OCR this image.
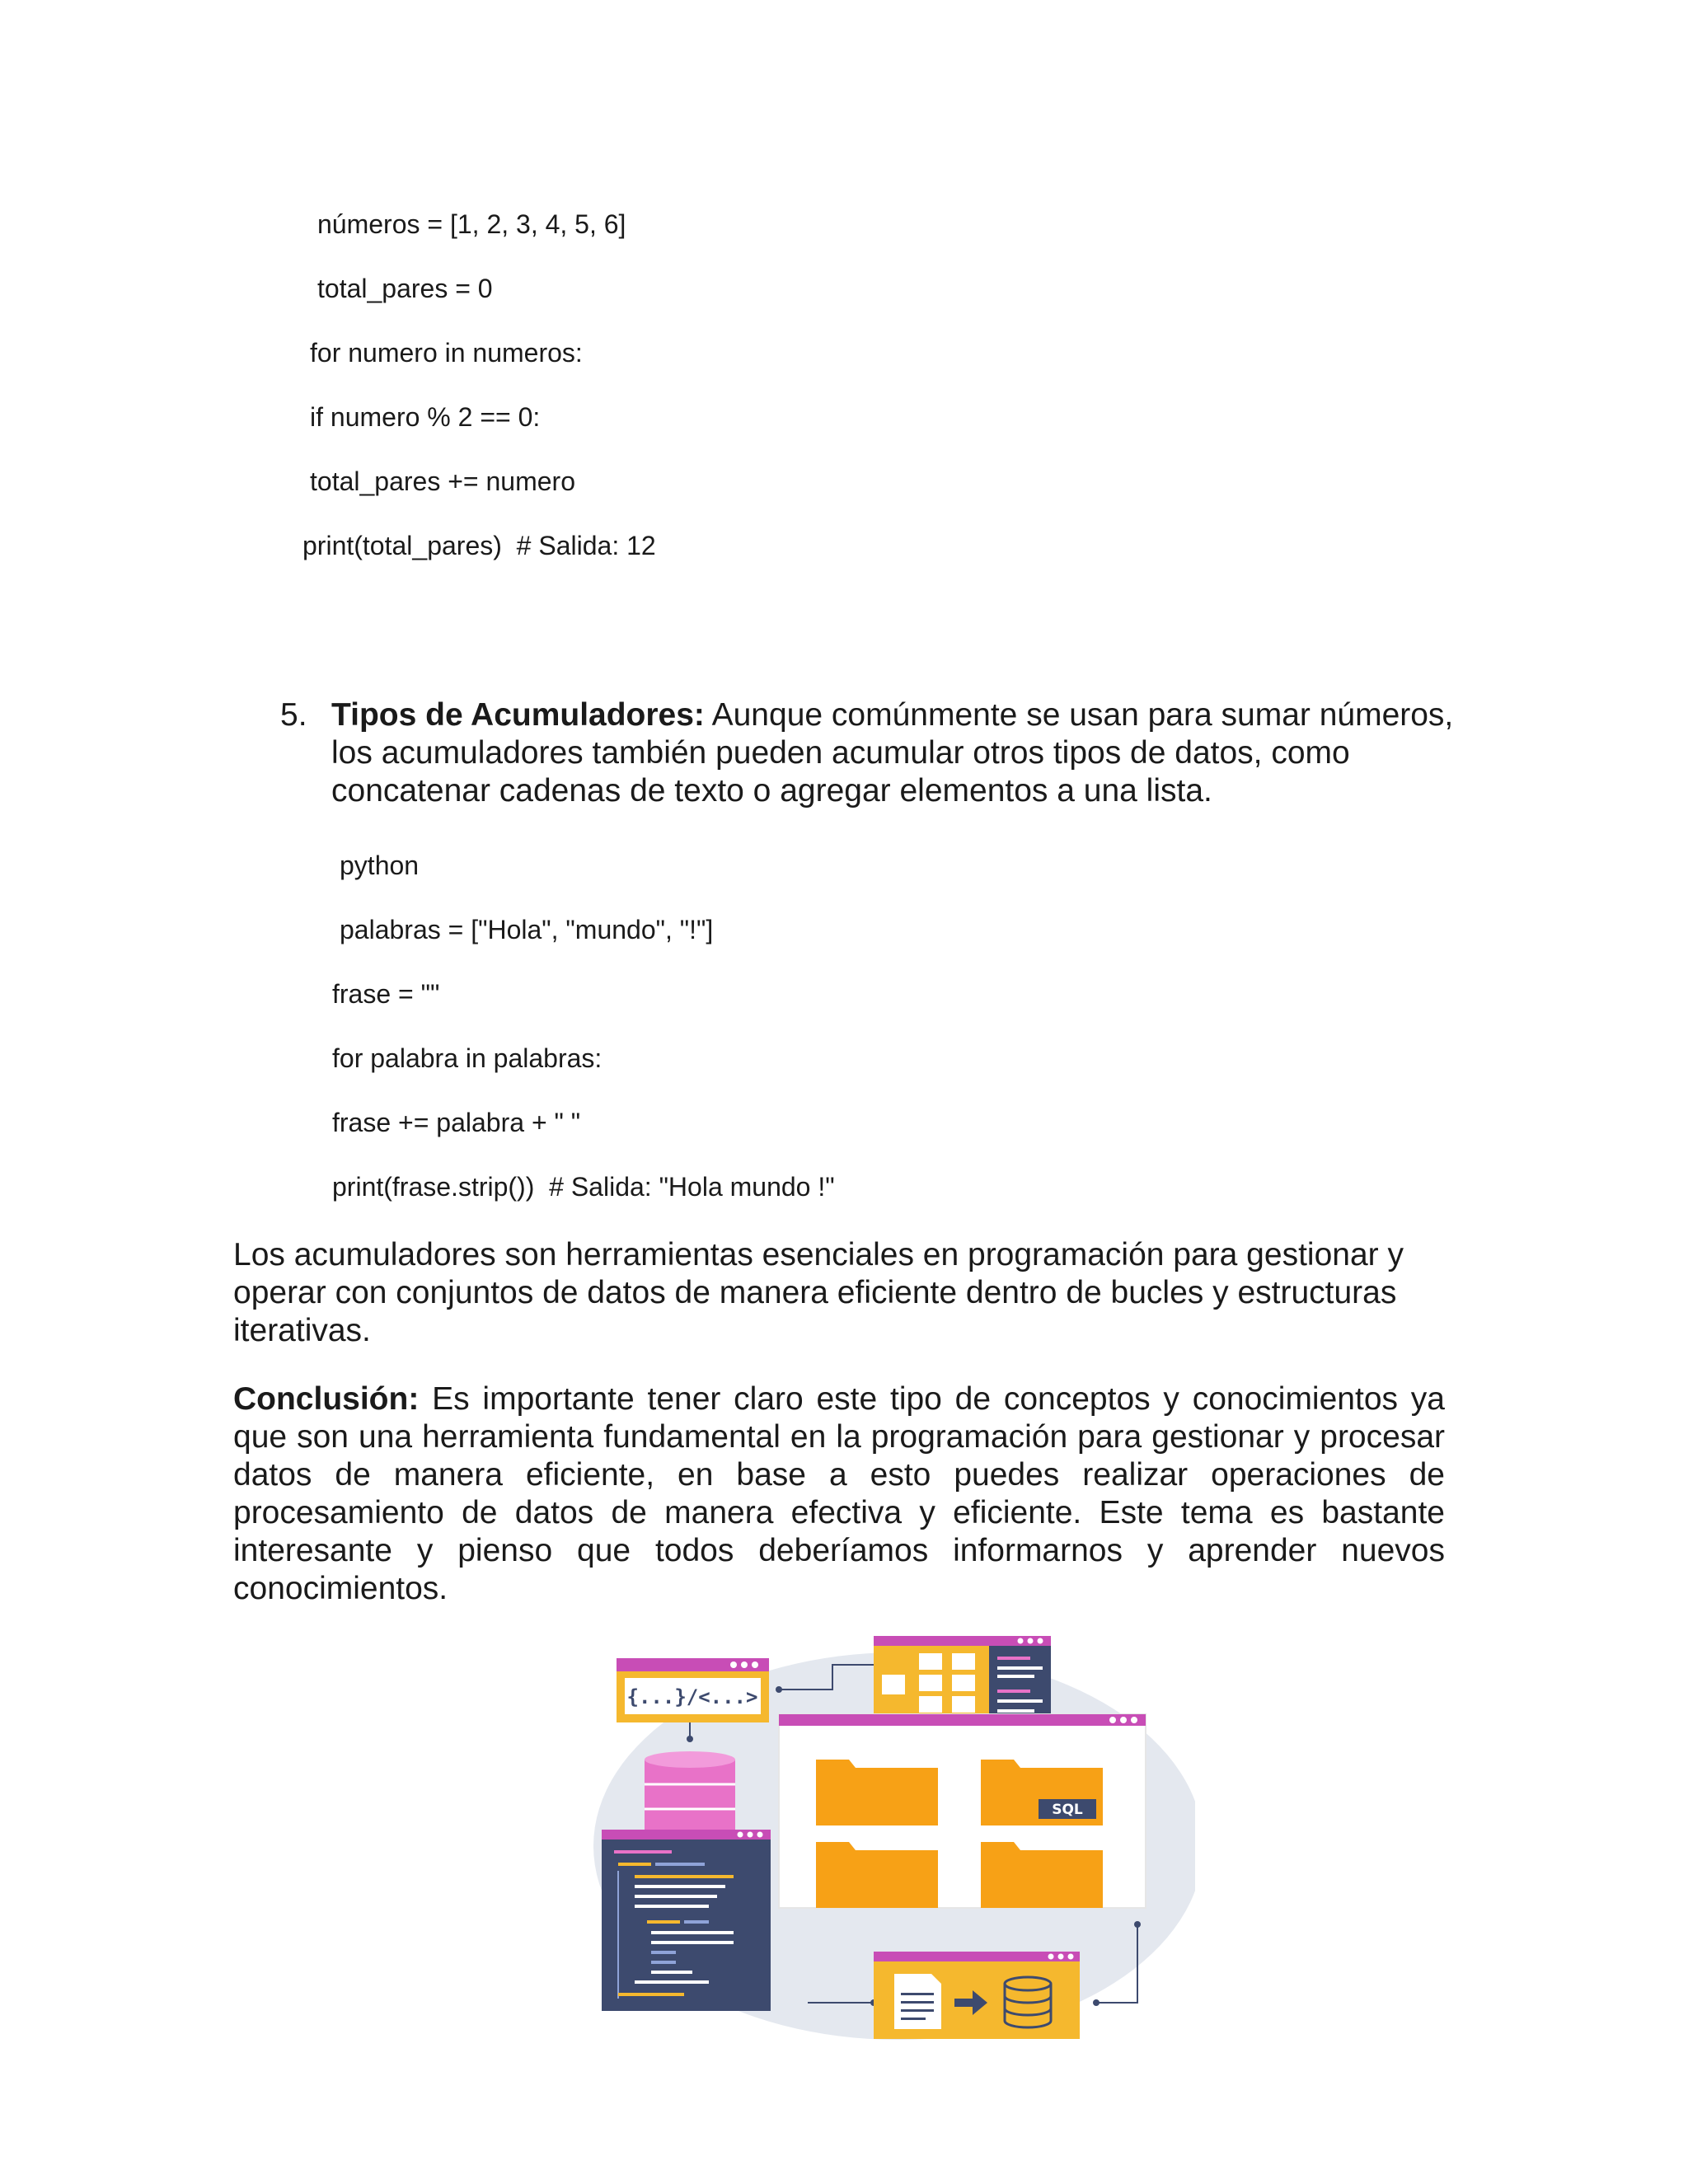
números = [1, 2, 3, 4, 5, 6]
total_pares = 0
for numero in numeros:
if numero % 2 == 0:
total_pares += numero
print(total_pares)  # Salida: 12
5. Tipos de Acumuladores: Aunque comúnmente se usan para sumar números, los acumuladores también pueden acumular otros tipos de datos, como concatenar cadenas de texto o agregar elementos a una lista.
python
palabras = ["Hola", "mundo", "!"]
frase = ""
for palabra in palabras:
frase += palabra + " "
print(frase.strip())  # Salida: "Hola mundo !"

Los acumuladores son herramientas esenciales en programación para gestionar y operar con conjuntos de datos de manera eficiente dentro de bucles y estructuras iterativas.

Conclusión: Es importante tener claro este tipo de conceptos y conocimientos ya que son una herramienta fundamental en la programación para gestionar y procesar datos de manera eficiente, en base a esto puedes realizar operaciones de procesamiento de datos de manera efectiva y eficiente. Este tema es bastante interesante y pienso que todos deberíamos informarnos y aprender nuevos conocimientos.

{...}/<...>
SQL
